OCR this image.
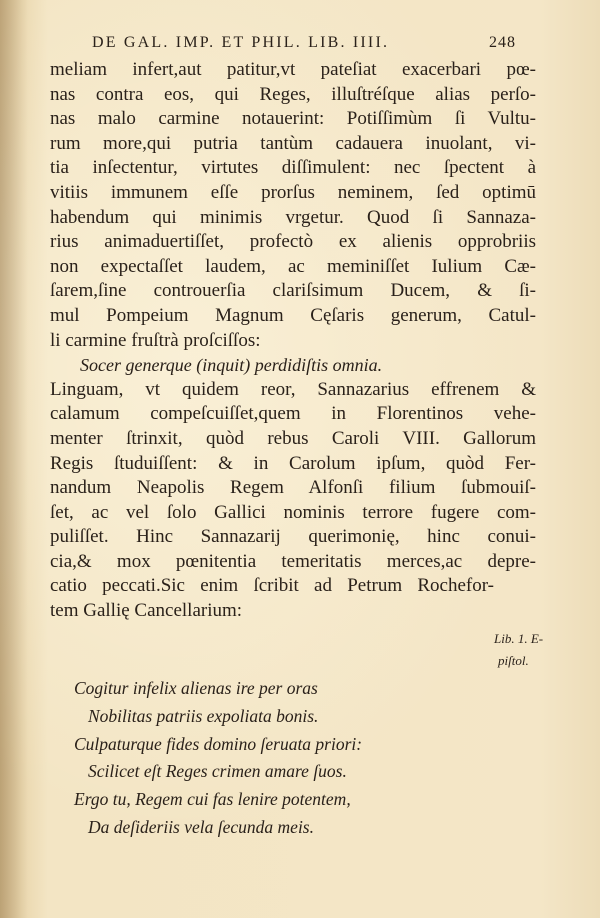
DE GAL. IMP. ET PHIL. LIB. IIII.	248
meliam infert,aut patitur,vt pateſiat exacerbari pœ-
nas contra eos, qui Reges, illuſtréſque alias perſo-
nas malo carmine notauerint: Potiſſimùm ſi Vultu-
rum more,qui putria tantùm cadauera inuolant, vi-
tia inſectentur, virtutes diſſimulent: nec ſpectent à
vitiis immunem eſſe prorſus neminem, ſed optimū
habendum qui minimis vrgetur. Quod ſi Sannaza-
rius animaduertiſſet, profectò ex alienis opprobriis
non expectaſſet laudem, ac meminiſſet Iulium Cæ-
ſarem,ſine controuerſia clariſsimum Ducem, & ſi-
mul Pompeium Magnum Cęſaris generum, Catul-
li carmine fruſtrà proſciſſos:
Socer generque (inquit) perdidiſtis omnia.
Linguam, vt quidem reor, Sannazarius effrenem &
calamum compeſcuiſſet,quem in Florentinos vehe-
menter ſtrinxit, quòd rebus Caroli VIII. Gallorum
Regis ſtuduiſſent: & in Carolum ipſum, quòd Fer-
nandum Neapolis Regem Alfonſi filium ſubmouiſ-
ſet, ac vel ſolo Gallici nominis terrore fugere com-
puliſſet. Hinc Sannazarij querimonię, hinc conui-
cia,& mox pœnitentia temeritatis merces,ac depre-
catio peccati.Sic enim ſcribit ad Petrum Rochefor-
tem Gallię Cancellarium:
Lib. 1. E-
piſtol.
Cogitur infelix alienas ire per oras
Nobilitas patriis expoliata bonis.
Culpaturque fides domino ſeruata priori:
Scilicet eſt Reges crimen amare ſuos.
Ergo tu, Regem cui fas lenire potentem,
Da deſideriis vela ſecunda meis.
